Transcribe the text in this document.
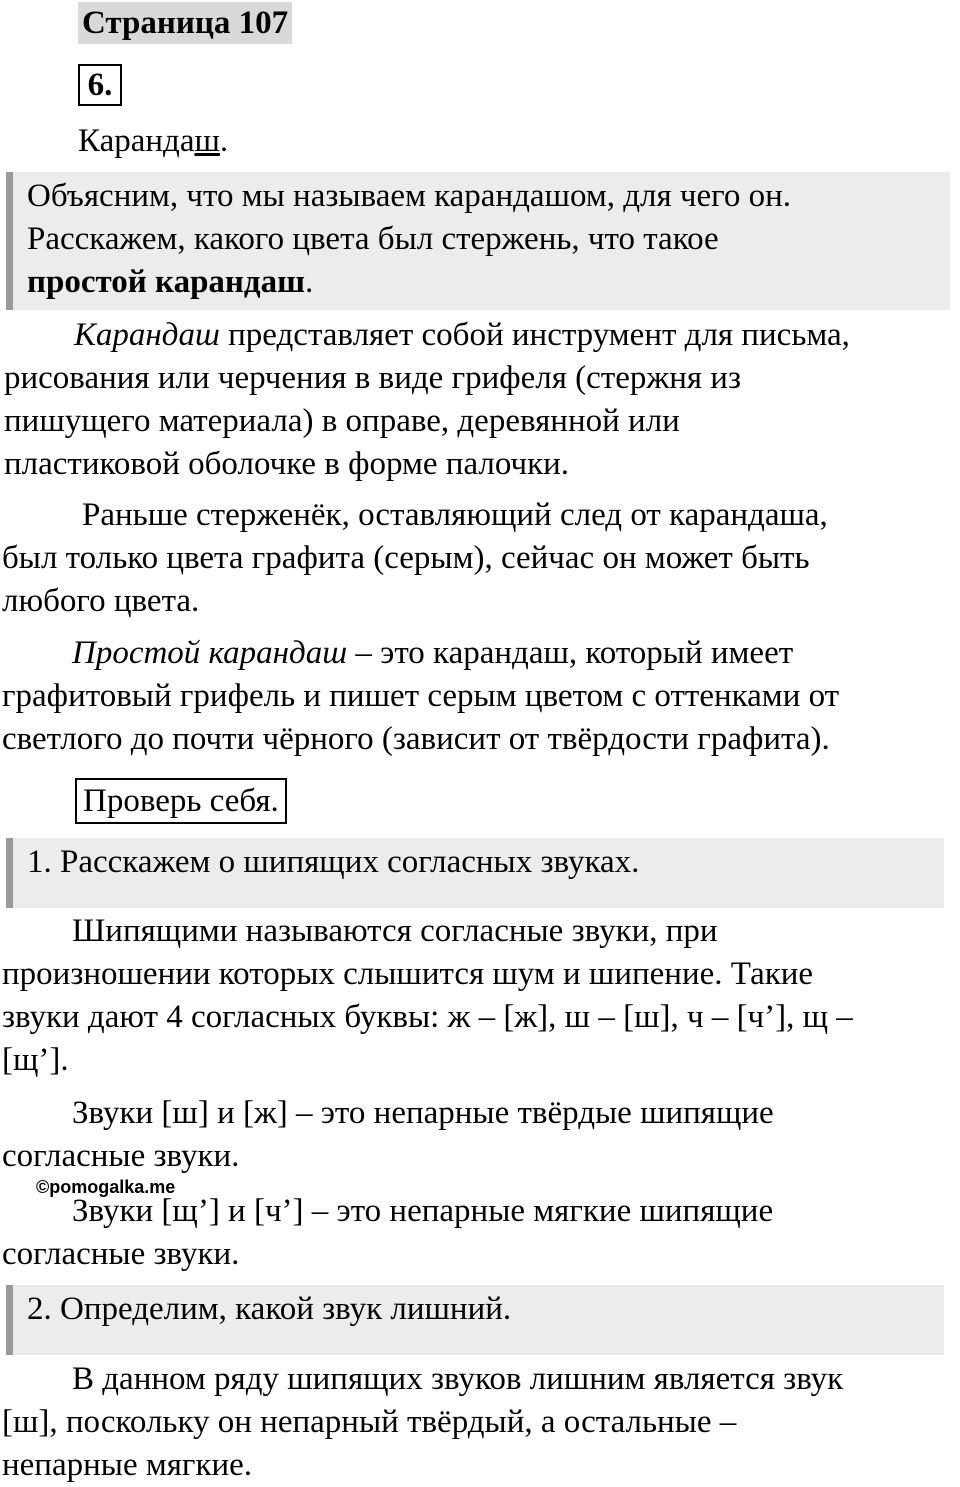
Страница 107
6.
Карандаш.
Объясним, что мы называем карандашом, для чего он.
Расскажем, какого цвета был стержень, что такое
простой карандаш.
Карандаш представляет собой инструмент для письма,
рисования или черчения в виде грифеля (стержня из
пишущего материала) в оправе, деревянной или
пластиковой оболочке в форме палочки.
Раньше стерженёк, оставляющий след от карандаша,
был только цвета графита (серым), сейчас он может быть
любого цвета.
Простой карандаш – это карандаш, который имеет
графитовый грифель и пишет серым цветом с оттенками от
светлого до почти чёрного (зависит от твёрдости графита).
Проверь себя.
1. Расскажем о шипящих согласных звуках.
Шипящими называются согласные звуки, при
произношении которых слышится шум и шипение. Такие
звуки дают 4 согласных буквы: ж – [ж], ш – [ш], ч – [ч’], щ –
[щ’].
Звуки [ш] и [ж] – это непарные твёрдые шипящие
согласные звуки.
©pomogalka.me
Звуки [щ’] и [ч’] – это непарные мягкие шипящие
согласные звуки.
2. Определим, какой звук лишний.
В данном ряду шипящих звуков лишним является звук
[ш], поскольку он непарный твёрдый, а остальные –
непарные мягкие.
